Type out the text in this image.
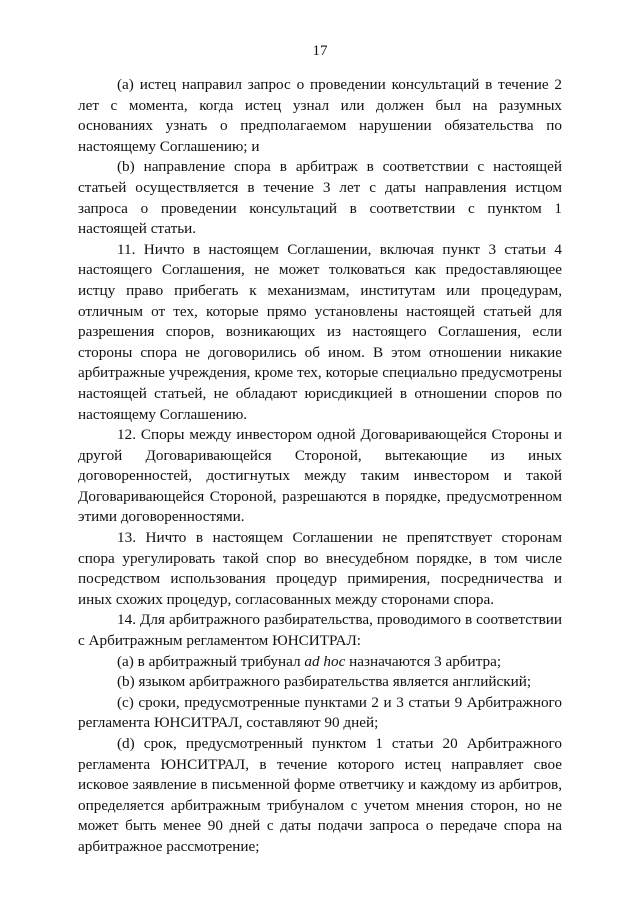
17

(a) истец направил запрос о проведении консультаций в течение 2 лет с момента, когда истец узнал или должен был на разумных основаниях узнать о предполагаемом нарушении обязательства по настоящему Соглашению; и

(b) направление спора в арбитраж в соответствии с настоящей статьей осуществляется в течение 3 лет с даты направления истцом запроса о проведении консультаций в соответствии с пунктом 1 настоящей статьи.

11. Ничто в настоящем Соглашении, включая пункт 3 статьи 4 настоящего Соглашения, не может толковаться как предоставляющее истцу право прибегать к механизмам, институтам или процедурам, отличным от тех, которые прямо установлены настоящей статьей для разрешения споров, возникающих из настоящего Соглашения, если стороны спора не договорились об ином. В этом отношении никакие арбитражные учреждения, кроме тех, которые специально предусмотрены настоящей статьей, не обладают юрисдикцией в отношении споров по настоящему Соглашению.

12. Споры между инвестором одной Договаривающейся Стороны и другой Договаривающейся Стороной, вытекающие из иных договоренностей, достигнутых между таким инвестором и такой Договаривающейся Стороной, разрешаются в порядке, предусмотренном этими договоренностями.

13. Ничто в настоящем Соглашении не препятствует сторонам спора урегулировать такой спор во внесудебном порядке, в том числе посредством использования процедур примирения, посредничества и иных схожих процедур, согласованных между сторонами спора.

14. Для арбитражного разбирательства, проводимого в соответствии с Арбитражным регламентом ЮНСИТРАЛ:

(a) в арбитражный трибунал ad hoc назначаются 3 арбитра;

(b) языком арбитражного разбирательства является английский;

(c) сроки, предусмотренные пунктами 2 и 3 статьи 9 Арбитражного регламента ЮНСИТРАЛ, составляют 90 дней;

(d) срок, предусмотренный пунктом 1 статьи 20 Арбитражного регламента ЮНСИТРАЛ, в течение которого истец направляет свое исковое заявление в письменной форме ответчику и каждому из арбитров, определяется арбитражным трибуналом с учетом мнения сторон, но не может быть менее 90 дней с даты подачи запроса о передаче спора на арбитражное рассмотрение;
